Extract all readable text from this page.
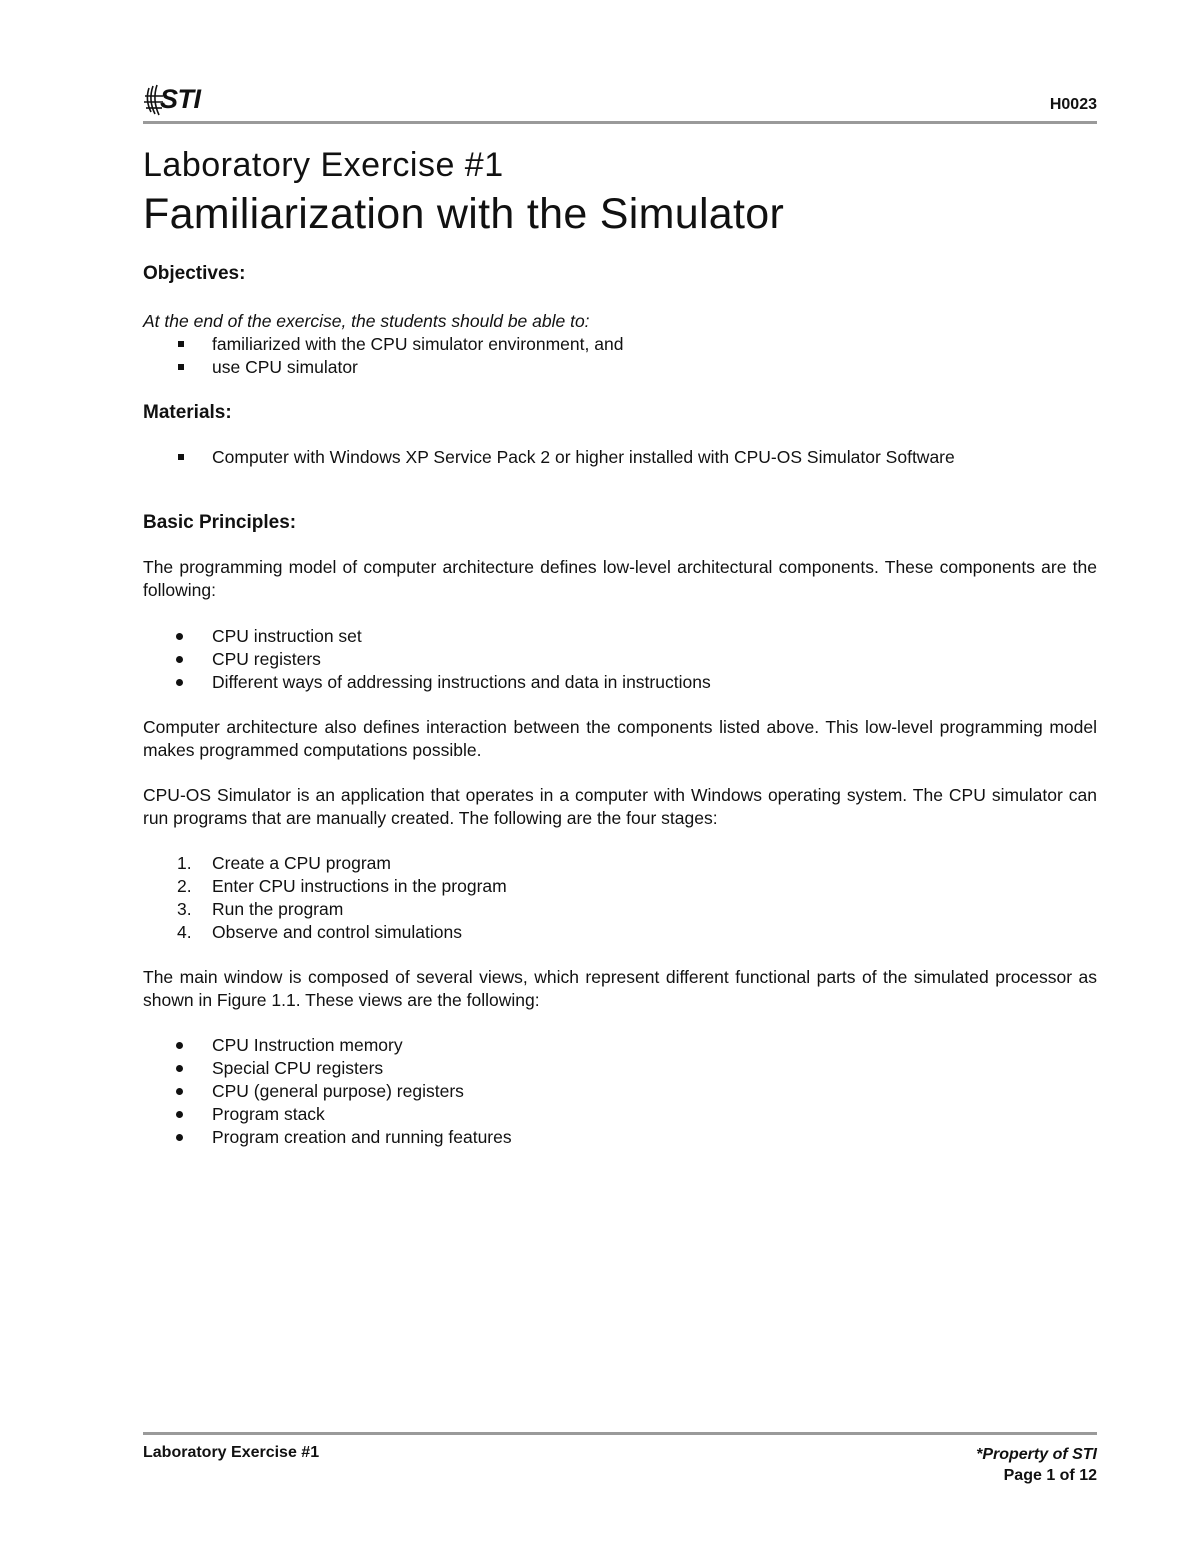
STI	H0023
Laboratory Exercise #1
Familiarization with the Simulator
Objectives:

At the end of the exercise, the students should be able to:

familiarized with the CPU simulator environment, and
use CPU simulator
Materials:
Computer with Windows XP Service Pack 2 or higher installed with CPU-OS Simulator Software
Basic Principles:

The programming model of computer architecture defines low-level architectural components. These components are the following:

CPU instruction set
CPU registers
Different ways of addressing instructions and data in instructions

Computer architecture also defines interaction between the components listed above. This low-level programming model makes programmed computations possible.

CPU-OS Simulator is an application that operates in a computer with Windows operating system. The CPU simulator can run programs that are manually created. The following are the four stages:

1. Create a CPU program
2. Enter CPU instructions in the program
3. Run the program
4. Observe and control simulations

The main window is composed of several views, which represent different functional parts of the simulated processor as shown in Figure 1.1. These views are the following:

CPU Instruction memory
Special CPU registers
CPU (general purpose) registers
Program stack
Program creation and running features
Laboratory Exercise #1	*Property of STI
Page 1 of 12
